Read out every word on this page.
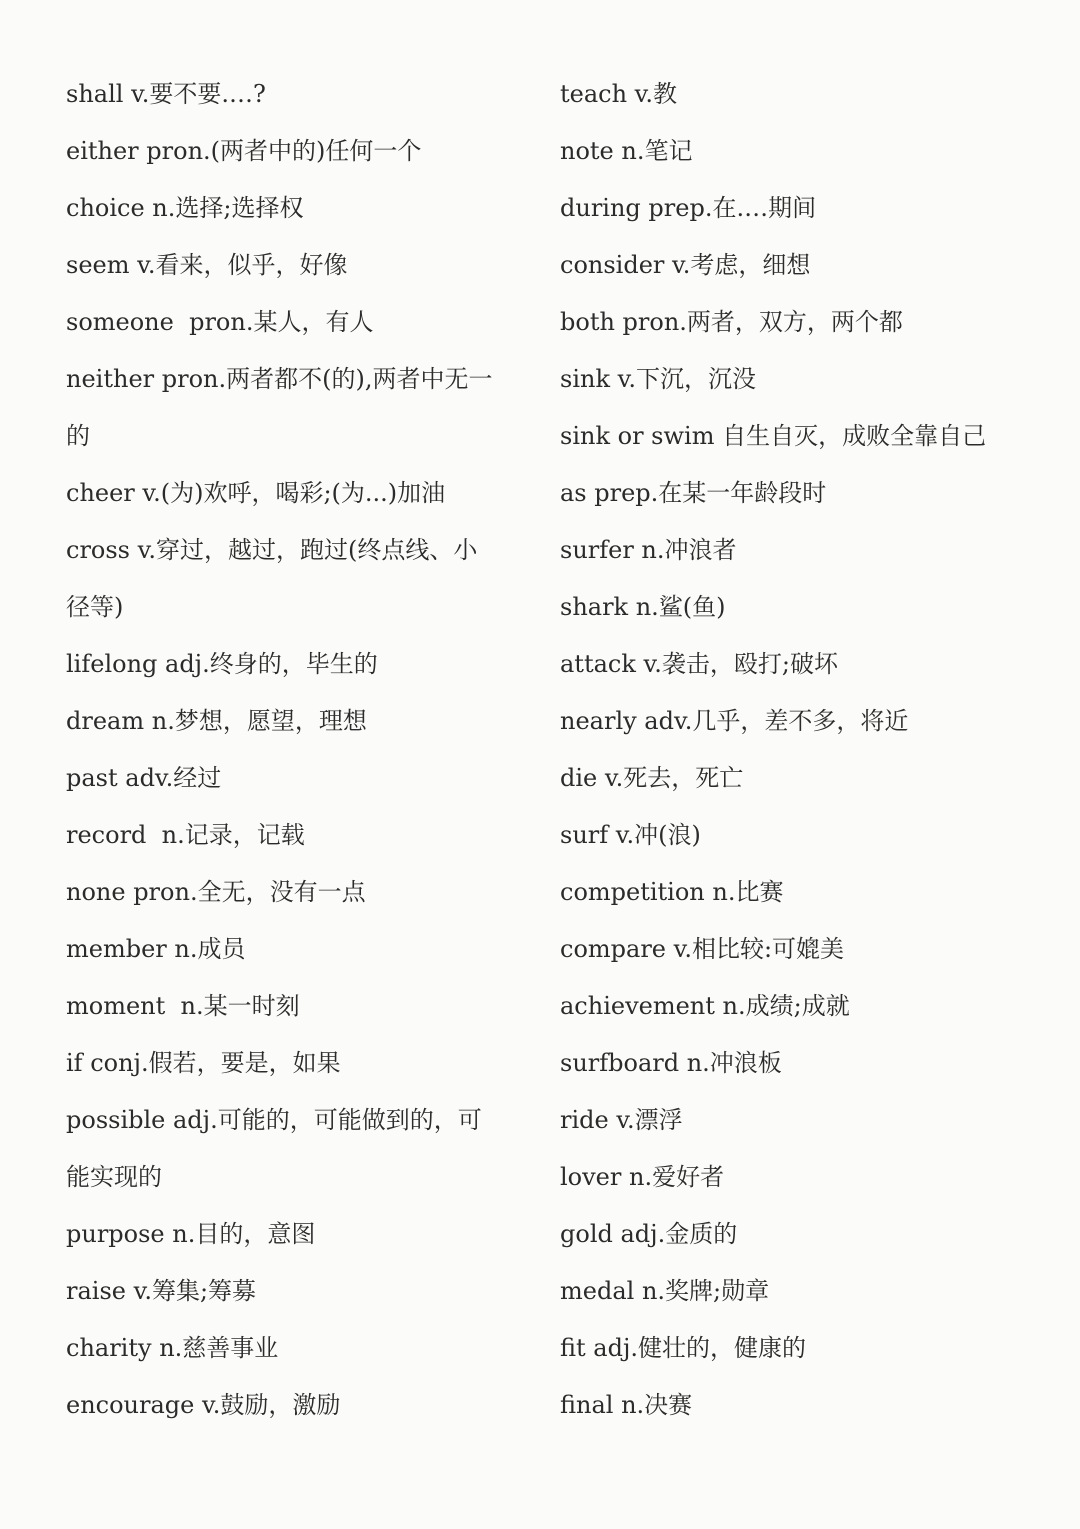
shall v.要不要.…?
either pron.(两者中的)任何一个
choice n.选择;选择权
seem v.看来，似乎，好像
someone  pron.某人，有人
neither pron.两者都不(的),两者中无一
的
cheer v.(为)欢呼，喝彩;(为...)加油
cross v.穿过，越过，跑过(终点线、小
径等)
lifelong adj.终身的，毕生的
dream n.梦想，愿望，理想
past adv.经过
record  n.记录，记载
none pron.全无，没有一点
member n.成员
moment  n.某一时刻
if conj.假若，要是，如果
possible adj.可能的，可能做到的，可
能实现的
purpose n.目的，意图
raise v.筹集;筹募
charity n.慈善事业
encourage v.鼓励，激励
teach v.教
note n.笔记
during prep.在.…期间
consider v.考虑，细想
both pron.两者，双方，两个都
sink v.下沉，沉没
sink or swim 自生自灭，成败全靠自己
as prep.在某一年龄段时
surfer n.冲浪者
shark n.鲨(鱼)
attack v.袭击，殴打;破坏
nearly adv.几乎，差不多，将近
die v.死去，死亡
surf v.冲(浪)
competition n.比赛
compare v.相比较:可媲美
achievement n.成绩;成就
surfboard n.冲浪板
ride v.漂浮
lover n.爱好者
gold adj.金质的
medal n.奖牌;勋章
fit adj.健壮的，健康的
final n.决赛
